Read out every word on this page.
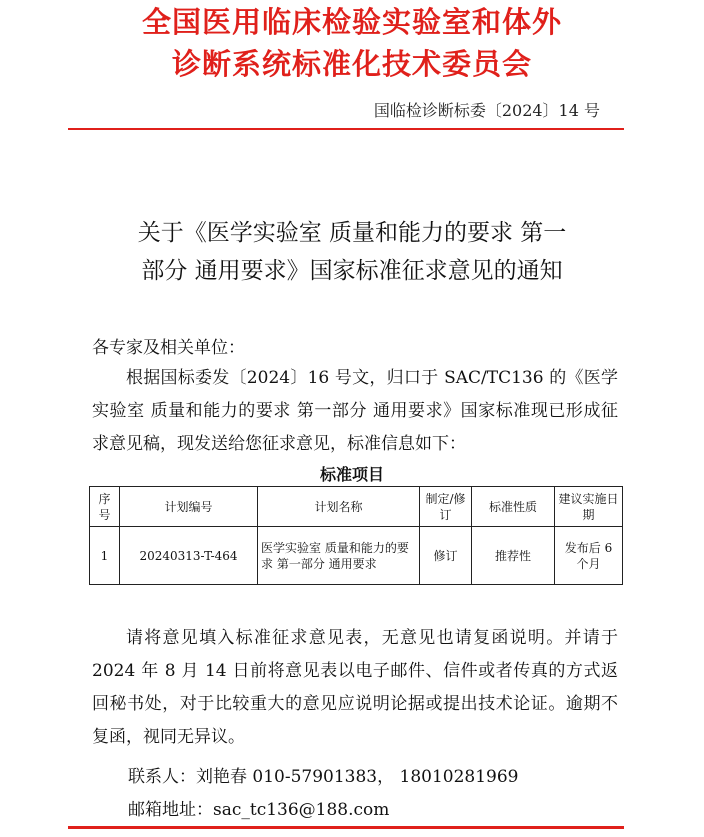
全国医用临床检验实验室和体外
诊断系统标准化技术委员会
国临检诊断标委〔2024〕14 号
关于《医学实验室 质量和能力的要求 第一
部分 通用要求》国家标准征求意见的通知
各专家及相关单位：
根据国标委发〔2024〕16 号文，归口于 SAC/TC136 的《医学实验室 质量和能力的要求 第一部分 通用要求》国家标准现已形成征求意见稿，现发送给您征求意见，标准信息如下：
标准项目
序号	计划编号	计划名称	制定/修订	标准性质	建议实施日期
1	20240313-T-464	医学实验室 质量和能力的要求 第一部分 通用要求	修订	推荐性	发布后 6 个月
请将意见填入标准征求意见表，无意见也请复函说明。并请于 2024 年 8 月 14 日前将意见表以电子邮件、信件或者传真的方式返回秘书处，对于比较重大的意见应说明论据或提出技术论证。逾期不复函，视同无异议。
联系人：刘艳春 010-57901383， 18010281969
邮箱地址：sac_tc136@188.com
